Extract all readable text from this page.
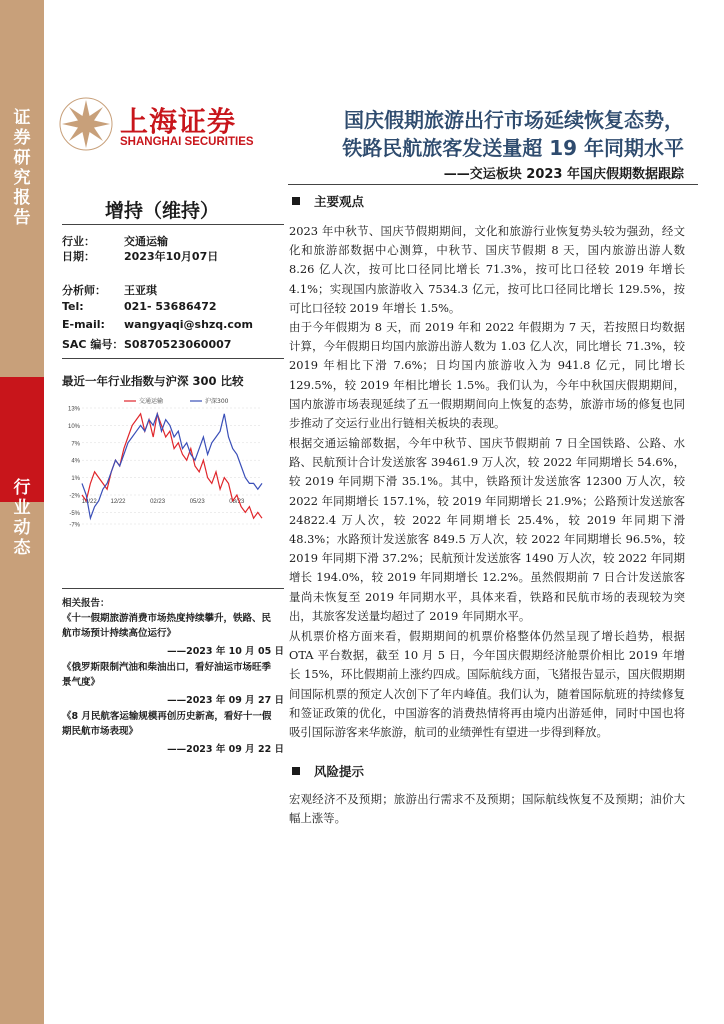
证
券
研
究
报
告
行
业
动
态
上海证券
SHANGHAI SECURITIES
国庆假期旅游出行市场延续恢复态势，
铁路民航旅客发送量超 19 年同期水平
——交运板块 2023 年国庆假期数据跟踪
增持（维持）
行业：	交通运输
日期：	2023年10月07日
分析师： 王亚琪
Tel:	021- 53686472
E-mail: wangyaqi@shzq.com
SAC 编号：S0870523060007
最近一年行业指数与沪深 300 比较
13%
10%
7%
4%
1%
-2%
-5%
-7%
10/22 12/22	02/23	05/23	08/23
交通运输	沪深300
相关报告：
《十一假期旅游消费市场热度持续攀升，铁路、民航市场预计持续高位运行》
——2023 年 10 月 05 日
《俄罗斯限制汽油和柴油出口，看好油运市场旺季景气度》
——2023 年 09 月 27 日
《8 月民航客运输规模再创历史新高，看好十一假期民航市场表现》
——2023 年 09 月 22 日
主要观点
2023 年中秋节、国庆节假期期间，文化和旅游行业恢复势头较为强劲，经文化和旅游部数据中心测算，中秋节、国庆节假期 8 天，国内旅游出游人数 8.26 亿人次，按可比口径同比增长 71.3%，按可比口径较 2019 年增长 4.1%；实现国内旅游收入 7534.3 亿元，按可比口径同比增长 129.5%，按可比口径较 2019 年增长 1.5%。
由于今年假期为 8 天，而 2019 年和 2022 年假期为 7 天，若按照日均数据计算，今年假期日均国内旅游出游人数为 1.03 亿人次，同比增长 71.3%，较 2019 年相比下滑 7.6%；日均国内旅游收入为 941.8 亿元，同比增长 129.5%，较 2019 年相比增长 1.5%。我们认为，今年中秋国庆假期期间，国内旅游市场表现延续了五一假期期间向上恢复的态势，旅游市场的修复也同步推动了交运行业出行链相关板块的表现。
根据交通运输部数据，今年中秋节、国庆节假期前 7 日全国铁路、公路、水路、民航预计合计发送旅客 39461.9 万人次，较 2022 年同期增长 54.6%，较 2019 年同期下滑 35.1%。其中，铁路预计发送旅客 12300 万人次，较 2022 年同期增长 157.1%，较 2019 年同期增长 21.9%；公路预计发送旅客 24822.4 万人次，较 2022 年同期增长 25.4%，较 2019 年同期下滑 48.3%；水路预计发送旅客 849.5 万人次，较 2022 年同期增长 96.5%，较 2019 年同期下滑 37.2%；民航预计发送旅客 1490 万人次，较 2022 年同期增长 194.0%，较 2019 年同期增长 12.2%。虽然假期前 7 日合计发送旅客量尚未恢复至 2019 年同期水平，具体来看，铁路和民航市场的表现较为突出，其旅客发送量均超过了 2019 年同期水平。
从机票价格方面来看，假期期间的机票价格整体仍然呈现了增长趋势，根据 OTA 平台数据，截至 10 月 5 日，今年国庆假期经济舱票价相比 2019 年增长 15%，环比假期前上涨约四成。国际航线方面，飞猪报告显示，国庆假期期间国际机票的预定人次创下了年内峰值。我们认为，随着国际航班的持续修复和签证政策的优化，中国游客的消费热情将再由境内出游延伸，同时中国也将吸引国际游客来华旅游，航司的业绩弹性有望进一步得到释放。
风险提示
宏观经济不及预期；旅游出行需求不及预期；国际航线恢复不及预期；油价大幅上涨等。
